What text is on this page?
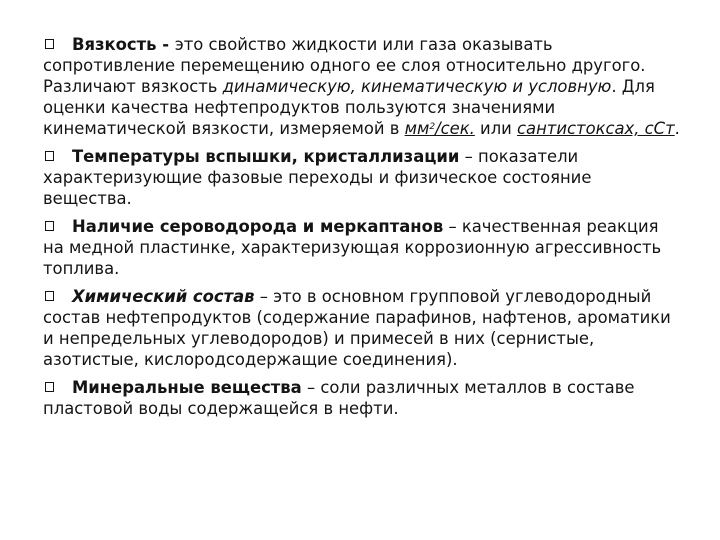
Вязкость - это свойство жидкости или газа оказывать сопротивление перемещению одного ее слоя относительно другого. Различают вязкость динамическую, кинематическую и условную. Для оценки качества нефтепродуктов пользуются значениями кинематической вязкости, измеряемой в $мм^2$/сек. или сантистоксах, сСт.

Температуры вспышки, кристаллизации – показатели характеризующие фазовые переходы и физическое состояние вещества.

Наличие сероводорода и меркаптанов – качественная реакция на медной пластинке, характеризующая коррозионную агрессивность топлива.

Химический состав – это в основном групповой углеводородный состав нефтепродуктов (содержание парафинов, нафтенов, ароматики и непредельных углеводородов) и примесей в них (сернистые, азотистые, кислородсодержащие соединения).

Минеральные вещества – соли различных металлов в составе пластовой воды содержащейся в нефти.
